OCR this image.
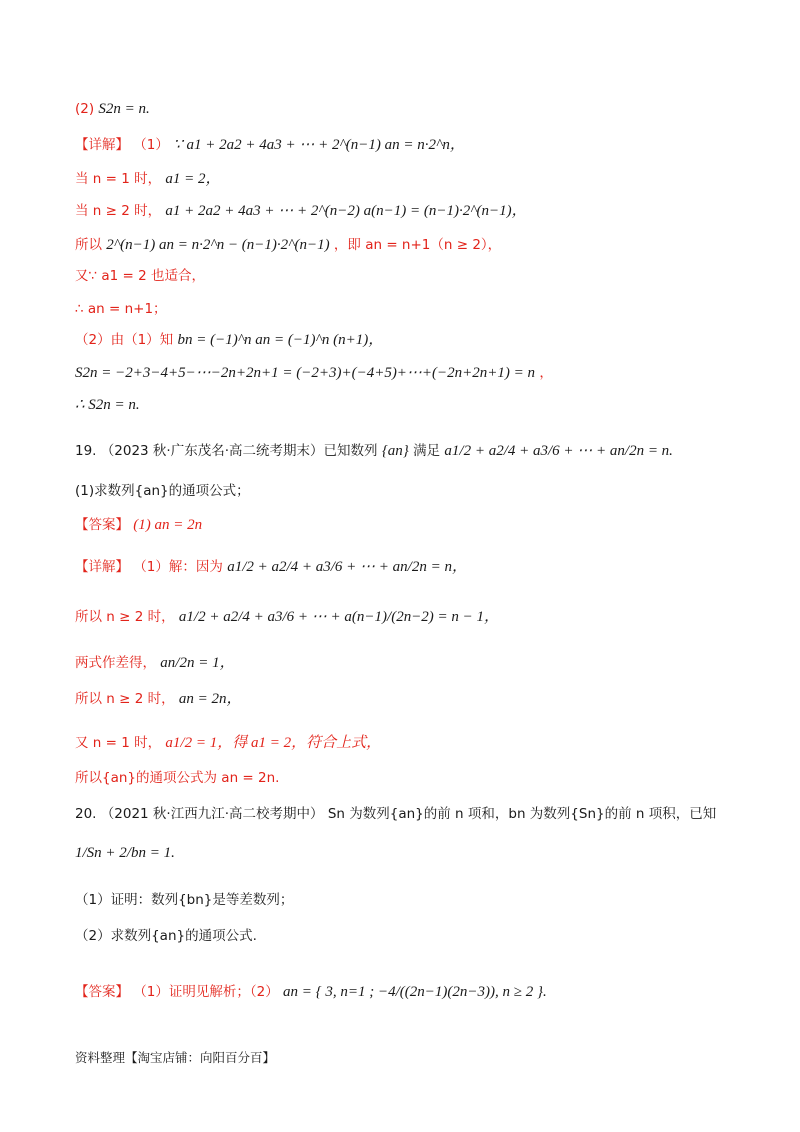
(2) S2n = n.
【详解】 （1） ∵ a1 + 2a2 + 4a3 + ⋯ + 2^(n−1) an = n·2^n，
当 n = 1 时， a1 = 2，
当 n ≥ 2 时， a1 + 2a2 + 4a3 + ⋯ + 2^(n−2) a(n−1) = (n−1)·2^(n−1)，
所以 2^(n−1) an = n·2^n − (n−1)·2^(n−1) ，即 an = n+1（n ≥ 2），
又∵ a1 = 2 也适合，
∴ an = n+1；
（2）由（1）知 bn = (−1)^n an = (−1)^n (n+1)，
S2n = −2+3−4+5−⋯−2n+2n+1 = (−2+3)+(−4+5)+⋯+(−2n+2n+1) = n ，
∴ S2n = n.
19. （2023 秋·广东茂名·高二统考期末）已知数列 {an} 满足 a1/2 + a2/4 + a3/6 + ⋯ + an/2n = n.
(1)求数列{an}的通项公式；
【答案】 (1) an = 2n
【详解】 （1）解：因为 a1/2 + a2/4 + a3/6 + ⋯ + an/2n = n，
所以 n ≥ 2 时， a1/2 + a2/4 + a3/6 + ⋯ + a(n−1)/(2n−2) = n − 1，
两式作差得， an/2n = 1，
所以 n ≥ 2 时， an = 2n，
又 n = 1 时， a1/2 = 1，得 a1 = 2，符合上式，
所以{an}的通项公式为 an = 2n.
20. （2021 秋·江西九江·高二校考期中） Sn 为数列{an}的前 n 项和，bn 为数列{Sn}的前 n 项积，已知
1/Sn + 2/bn = 1.
（1）证明：数列{bn}是等差数列；
（2）求数列{an}的通项公式.
【答案】 （1）证明见解析；（2） an = { 3, n=1 ; −4/((2n−1)(2n−3)), n ≥ 2 }.
资料整理【淘宝店铺：向阳百分百】
